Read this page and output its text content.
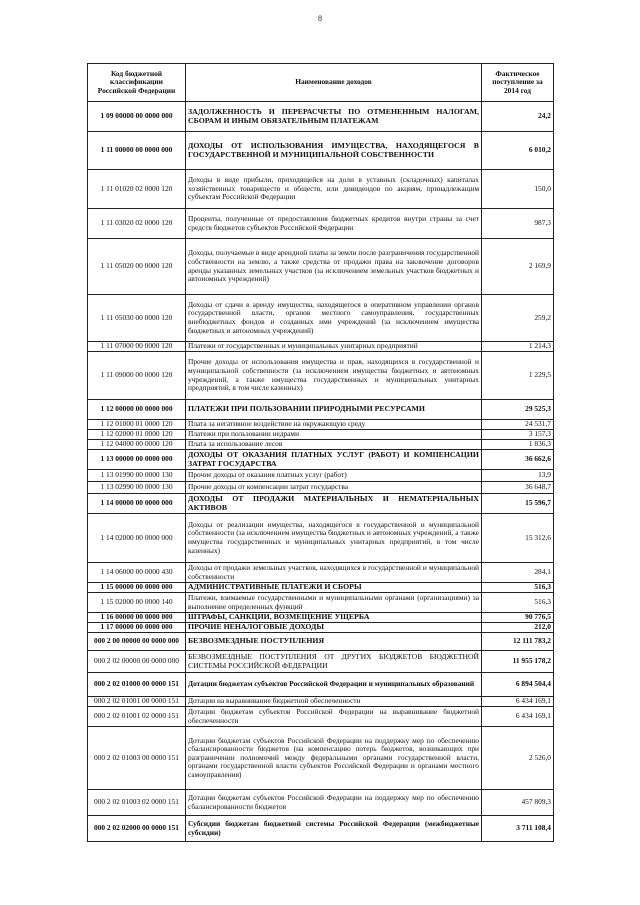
8
Код бюджетной классификации Российской Федерации	Наименование доходов	Фактическое поступление за 2014 год
1 09 00000 00 0000 000	ЗАДОЛЖЕННОСТЬ И ПЕРЕРАСЧЕТЫ ПО ОТМЕНЕННЫМ НАЛОГАМ, СБОРАМ И ИНЫМ ОБЯЗАТЕЛЬНЫМ ПЛАТЕЖАМ	24,2
1 11 00000 00 0000 000	ДОХОДЫ ОТ ИСПОЛЬЗОВАНИЯ ИМУЩЕСТВА, НАХОДЯЩЕГОСЯ В ГОСУДАРСТВЕННОЙ И МУНИЦИПАЛЬНОЙ СОБСТВЕННОСТИ	6 010,2
1 11 01020 02 0000 120	Доходы в виде прибыли, приходящейся на доли в уставных (складочных) капиталах хозяйственных товариществ и обществ, или дивидендов по акциям, принадлежащим субъектам Российской Федерации	150,0
1 11 03020 02 0000 120	Проценты, полученные от предоставления бюджетных кредитов внутри страны за счет средств бюджетов субъектов Российской Федерации	987,3
1 11 05020 00 0000 120	Доходы, получаемые в виде арендной платы за земли после разграничения государственной собственности на землю, а также средства от продажи права на заключение договоров аренды указанных земельных участков (за исключением земельных участков бюджетных и автономных учреждений)	2 169,9
1 11 05030 00 0000 120	Доходы от сдачи в аренду имущества, находящегося в оперативном управлении органов государственной власти, органов местного самоуправления, государственных внебюджетных фондов и созданных ими учреждений (за исключением имущества бюджетных и автономных учреждений)	259,2
1 11 07000 00 0000 120	Платежи от государственных и муниципальных унитарных предприятий	1 214,3
1 11 09000 00 0000 120	Прочие доходы от использования имущества и прав, находящихся в государственной и муниципальной собственности (за исключением имущества бюджетных и автономных учреждений, а также имущества государственных и муниципальных унитарных предприятий, в том числе казенных)	1 229,5
1 12 00000 00 0000 000	ПЛАТЕЖИ ПРИ ПОЛЬЗОВАНИИ ПРИРОДНЫМИ РЕСУРСАМИ	29 525,3
1 12 01000 01 0000 120	Плата за негативное воздействие на окружающую среду	24 531,7
1 12 02000 01 0000 120	Платежи при пользовании недрами	3 157,3
1 12 04000 00 0000 120	Плата за использование лесов	1 836,3
1 13 00000 00 0000 000	ДОХОДЫ ОТ ОКАЗАНИЯ ПЛАТНЫХ УСЛУГ (РАБОТ) И КОМПЕНСАЦИИ ЗАТРАТ ГОСУДАРСТВА	36 662,6
1 13 01990 00 0000 130	Прочие доходы от оказания платных услуг (работ)	13,9
1 13 02990 00 0000 130	Прочие доходы от компенсации затрат государства	36 648,7
1 14 00000 00 0000 000	ДОХОДЫ ОТ ПРОДАЖИ МАТЕРИАЛЬНЫХ И НЕМАТЕРИАЛЬНЫХ АКТИВОВ	15 596,7
1 14 02000 00 0000 000	Доходы от реализации имущества, находящегося в государственной и муниципальной собственности (за исключением имущества бюджетных и автономных учреждений, а также имущества государственных и муниципальных унитарных предприятий, в том числе казенных)	15 312,6
1 14 06000 00 0000 430	Доходы от продажи земельных участков, находящихся в государственной и муниципальной собственности	284,1
1 15 00000 00 0000 000	АДМИНИСТРАТИВНЫЕ ПЛАТЕЖИ И СБОРЫ	516,3
1 15 02000 00 0000 140	Платежи, взимаемые государственными и муниципальными органами (организациями) за выполнение определенных функций	516,3
1 16 00000 00 0000 000	ШТРАФЫ, САНКЦИИ, ВОЗМЕЩЕНИЕ УЩЕРБА	90 776,5
1 17 00000 00 0000 000	ПРОЧИЕ НЕНАЛОГОВЫЕ ДОХОДЫ	212,0
000 2 00 00000 00 0000 000	БЕЗВОЗМЕЗДНЫЕ ПОСТУПЛЕНИЯ	12 111 783,2
000 2 02 00000 00 0000 000	БЕЗВОЗМЕЗДНЫЕ ПОСТУПЛЕНИЯ ОТ ДРУГИХ БЮДЖЕТОВ БЮДЖЕТНОЙ СИСТЕМЫ РОССИЙСКОЙ ФЕДЕРАЦИИ	11 955 178,2
000 2 02 01000 00 0000 151	Дотации бюджетам субъектов Российской Федерации и муниципальных образований	6 894 504,4
000 2 02 01001 00 0000 151	Дотации на выравнивание бюджетной обеспеченности	6 434 169,1
000 2 02 01001 02 0000 151	Дотации бюджетам субъектов Российской Федерации на выравнивание бюджетной обеспеченности	6 434 169,1
000 2 02 01003 00 0000 151	Дотации бюджетам субъектов Российской Федерации на поддержку мер по обеспечению сбалансированности бюджетов (на компенсацию потерь бюджетов, возникающих при разграничении полномочий между федеральными органами государственной власти, органами государственной власти субъектов Российской Федерации и органами местного самоуправления)	2 526,0
000 2 02 01003 02 0000 151	Дотации бюджетам субъектов Российской Федерации на поддержку мер по обеспечению сбалансированности бюджетов	457 809,3
000 2 02 02000 00 0000 151	Субсидии бюджетам бюджетной системы Российской Федерации (межбюджетные субсидии)	3 711 108,4
